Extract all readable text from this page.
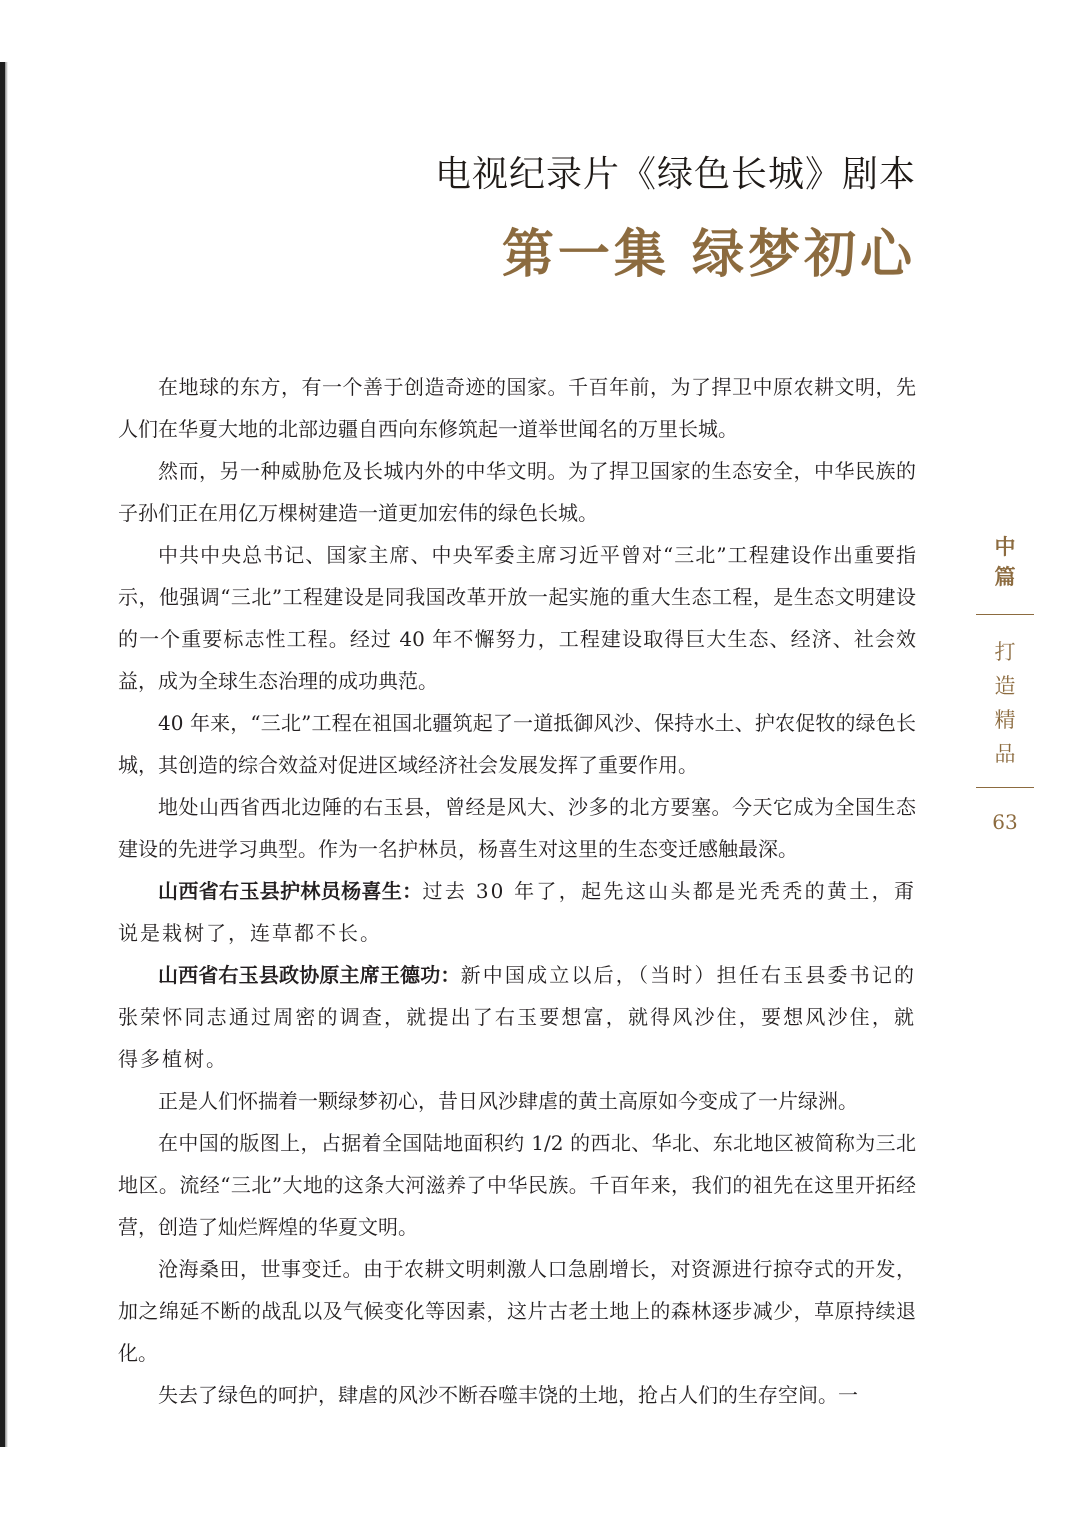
电视纪录片《绿色长城》剧本
第一集 绿梦初心

在地球的东方，有一个善于创造奇迹的国家。千百年前，为了捍卫中原农耕文明，先人们在华夏大地的北部边疆自西向东修筑起一道举世闻名的万里长城。

然而，另一种威胁危及长城内外的中华文明。为了捍卫国家的生态安全，中华民族的子孙们正在用亿万棵树建造一道更加宏伟的绿色长城。

中共中央总书记、国家主席、中央军委主席习近平曾对“三北”工程建设作出重要指示，他强调“三北”工程建设是同我国改革开放一起实施的重大生态工程，是生态文明建设的一个重要标志性工程。经过 40 年不懈努力，工程建设取得巨大生态、经济、社会效益，成为全球生态治理的成功典范。

40 年来，“三北”工程在祖国北疆筑起了一道抵御风沙、保持水土、护农促牧的绿色长城，其创造的综合效益对促进区域经济社会发展发挥了重要作用。

地处山西省西北边陲的右玉县，曾经是风大、沙多的北方要塞。今天它成为全国生态建设的先进学习典型。作为一名护林员，杨喜生对这里的生态变迁感触最深。

山西省右玉县护林员杨喜生：过去 30 年了，起先这山头都是光秃秃的黄土，甭说是栽树了，连草都不长。

山西省右玉县政协原主席王德功：新中国成立以后，（当时）担任右玉县委书记的张荣怀同志通过周密的调查，就提出了右玉要想富，就得风沙住，要想风沙住，就得多植树。

正是人们怀揣着一颗绿梦初心，昔日风沙肆虐的黄土高原如今变成了一片绿洲。

在中国的版图上，占据着全国陆地面积约 1/2 的西北、华北、东北地区被简称为三北地区。流经“三北”大地的这条大河滋养了中华民族。千百年来，我们的祖先在这里开拓经营，创造了灿烂辉煌的华夏文明。

沧海桑田，世事变迁。由于农耕文明刺激人口急剧增长，对资源进行掠夺式的开发，加之绵延不断的战乱以及气候变化等因素，这片古老土地上的森林逐步减少，草原持续退化。

失去了绿色的呵护，肆虐的风沙不断吞噬丰饶的土地，抢占人们的生存空间。一

中
篇
打
造
精
品
63
